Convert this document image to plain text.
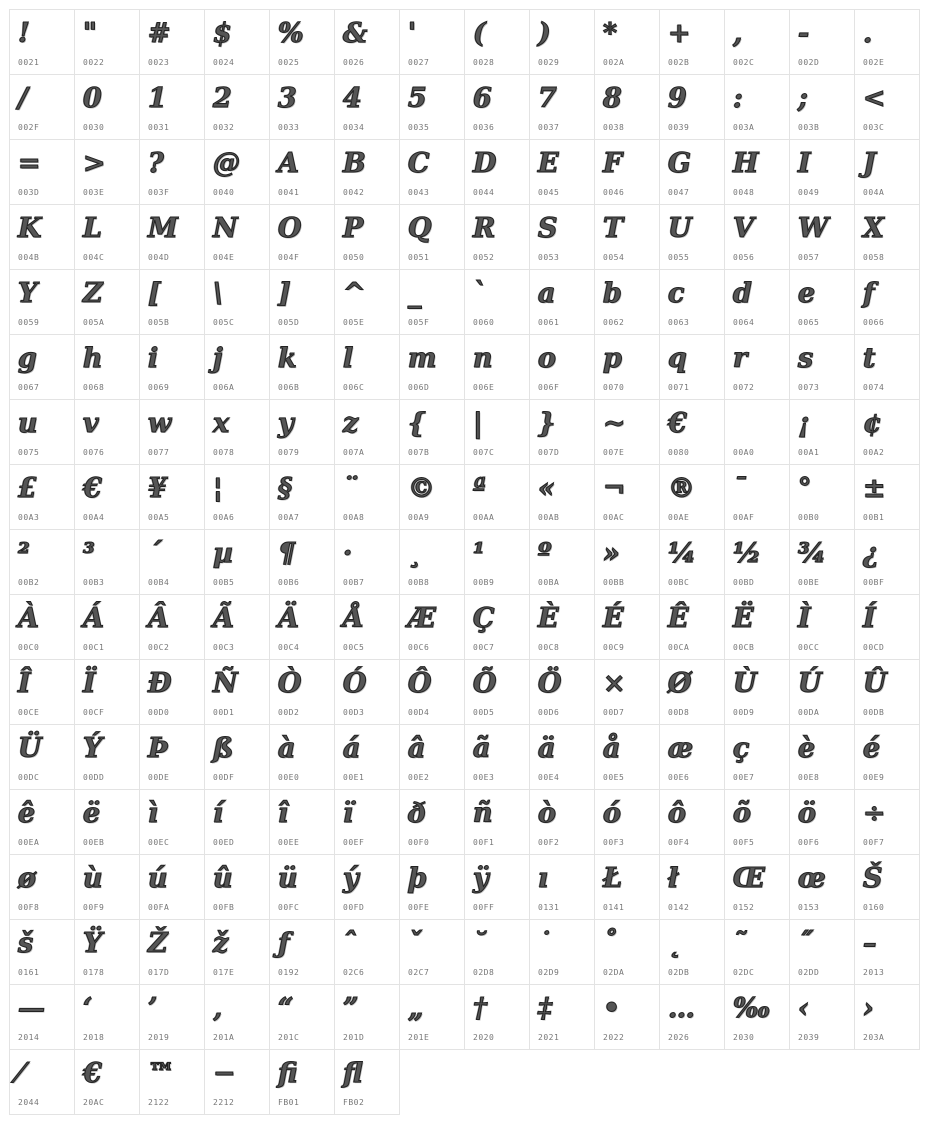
!
0021
"
0022
#
0023
$
0024
%
0025
&
0026
'
0027
(
0028
)
0029
*
002A
+
002B
,
002C
-
002D
.
002E
/
002F
0
0030
1
0031
2
0032
3
0033
4
0034
5
0035
6
0036
7
0037
8
0038
9
0039
:
003A
;
003B
<
003C
=
003D
>
003E
?
003F
@
0040
A
0041
B
0042
C
0043
D
0044
E
0045
F
0046
G
0047
H
0048
I
0049
J
004A
K
004B
L
004C
M
004D
N
004E
O
004F
P
0050
Q
0051
R
0052
S
0053
T
0054
U
0055
V
0056
W
0057
X
0058
Y
0059
Z
005A
[
005B
\
005C
]
005D
^
005E
_
005F
`
0060
a
0061
b
0062
c
0063
d
0064
e
0065
f
0066
g
0067
h
0068
i
0069
j
006A
k
006B
l
006C
m
006D
n
006E
o
006F
p
0070
q
0071
r
0072
s
0073
t
0074
u
0075
v
0076
w
0077
x
0078
y
0079
z
007A
{
007B
|
007C
}
007D
~
007E
€
0080	00A0
¡
00A1
¢
00A2
£
00A3
€
00A4
¥
00A5
¦
00A6
§
00A7
¨
00A8
©
00A9
ª
00AA
«
00AB
¬
00AC
®
00AE
¯
00AF
°
00B0
±
00B1
²
00B2
³
00B3
´
00B4
µ
00B5
¶
00B6
·
00B7
¸
00B8
¹
00B9
º
00BA
»
00BB
¼
00BC
½
00BD
¾
00BE
¿
00BF
À
00C0
Á
00C1
Â
00C2
Ã
00C3
Ä
00C4
Å
00C5
Æ
00C6
Ç
00C7
È
00C8
É
00C9
Ê
00CA
Ë
00CB
Ì
00CC
Í
00CD
Î
00CE
Ï
00CF
Ð
00D0
Ñ
00D1
Ò
00D2
Ó
00D3
Ô
00D4
Õ
00D5
Ö
00D6
×
00D7
Ø
00D8
Ù
00D9
Ú
00DA
Û
00DB
Ü
00DC
Ý
00DD
Þ
00DE
ß
00DF
à
00E0
á
00E1
â
00E2
ã
00E3
ä
00E4
å
00E5
æ
00E6
ç
00E7
è
00E8
é
00E9
ê
00EA
ë
00EB
ì
00EC
í
00ED
î
00EE
ï
00EF
ð
00F0
ñ
00F1
ò
00F2
ó
00F3
ô
00F4
õ
00F5
ö
00F6
÷
00F7
ø
00F8
ù
00F9
ú
00FA
û
00FB
ü
00FC
ý
00FD
þ
00FE
ÿ
00FF
ı
0131
Ł
0141
ł
0142
Œ
0152
œ
0153
Š
0160
š
0161
Ÿ
0178
Ž
017D
ž
017E
ƒ
0192
ˆ
02C6
ˇ
02C7
˘
02D8
˙
02D9
˚
02DA
˛
02DB
˜
02DC
˝
02DD
–
2013
—
2014
‘
2018
’
2019
‚
201A
“
201C
”
201D
„
201E
†
2020
‡
2021
•
2022
…
2026
‰
2030
‹
2039
›
203A
⁄
2044
€
20AC
™
2122
−
2212
ﬁ
FB01
ﬂ
FB02
